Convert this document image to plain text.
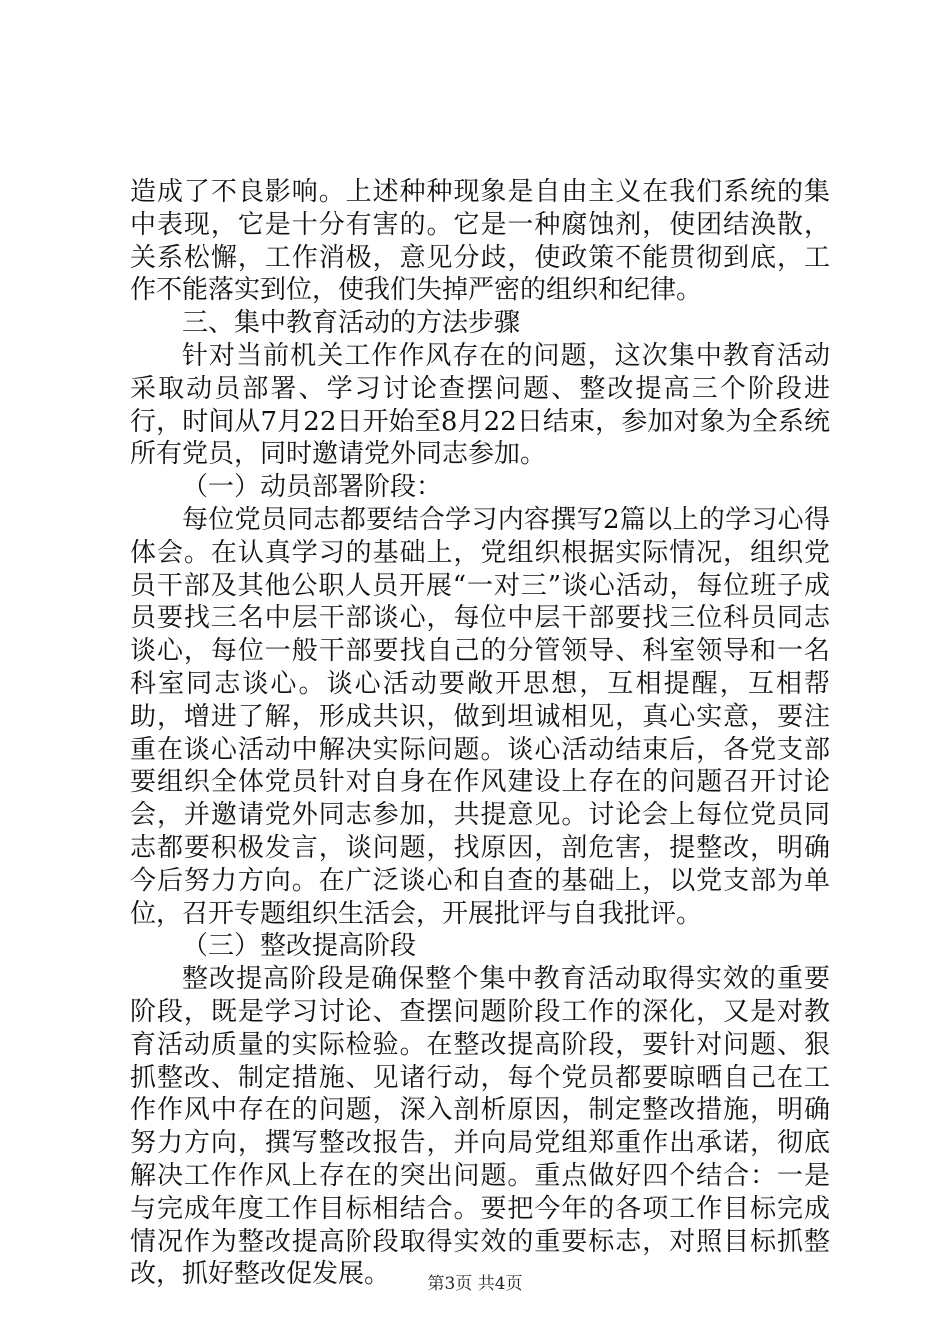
造成了不良影响。上述种种现象是自由主义在我们系统的集中表现，它是十分有害的。它是一种腐蚀剂，使团结涣散，关系松懈，工作消极，意见分歧，使政策不能贯彻到底，工作不能落实到位，使我们失掉严密的组织和纪律。

三、集中教育活动的方法步骤

针对当前机关工作作风存在的问题，这次集中教育活动采取动员部署、学习讨论查摆问题、整改提高三个阶段进行，时间从7月22日开始至8月22日结束，参加对象为全系统所有党员，同时邀请党外同志参加。

（一）动员部署阶段：

每位党员同志都要结合学习内容撰写2篇以上的学习心得体会。在认真学习的基础上，党组织根据实际情况，组织党员干部及其他公职人员开展“一对三”谈心活动，每位班子成员要找三名中层干部谈心，每位中层干部要找三位科员同志谈心，每位一般干部要找自己的分管领导、科室领导和一名科室同志谈心。谈心活动要敞开思想，互相提醒，互相帮助，增进了解，形成共识，做到坦诚相见，真心实意，要注重在谈心活动中解决实际问题。谈心活动结束后，各党支部要组织全体党员针对自身在作风建设上存在的问题召开讨论会，并邀请党外同志参加，共提意见。讨论会上每位党员同志都要积极发言，谈问题，找原因，剖危害，提整改，明确今后努力方向。在广泛谈心和自查的基础上，以党支部为单位，召开专题组织生活会，开展批评与自我批评。

（三）整改提高阶段

整改提高阶段是确保整个集中教育活动取得实效的重要阶段，既是学习讨论、查摆问题阶段工作的深化，又是对教育活动质量的实际检验。在整改提高阶段，要针对问题、狠抓整改、制定措施、见诸行动，每个党员都要晾晒自己在工作作风中存在的问题，深入剖析原因，制定整改措施，明确努力方向，撰写整改报告，并向局党组郑重作出承诺，彻底解决工作作风上存在的突出问题。重点做好四个结合：一是与完成年度工作目标相结合。要把今年的各项工作目标完成情况作为整改提高阶段取得实效的重要标志，对照目标抓整改，抓好整改促发展。	第3页 共4页
